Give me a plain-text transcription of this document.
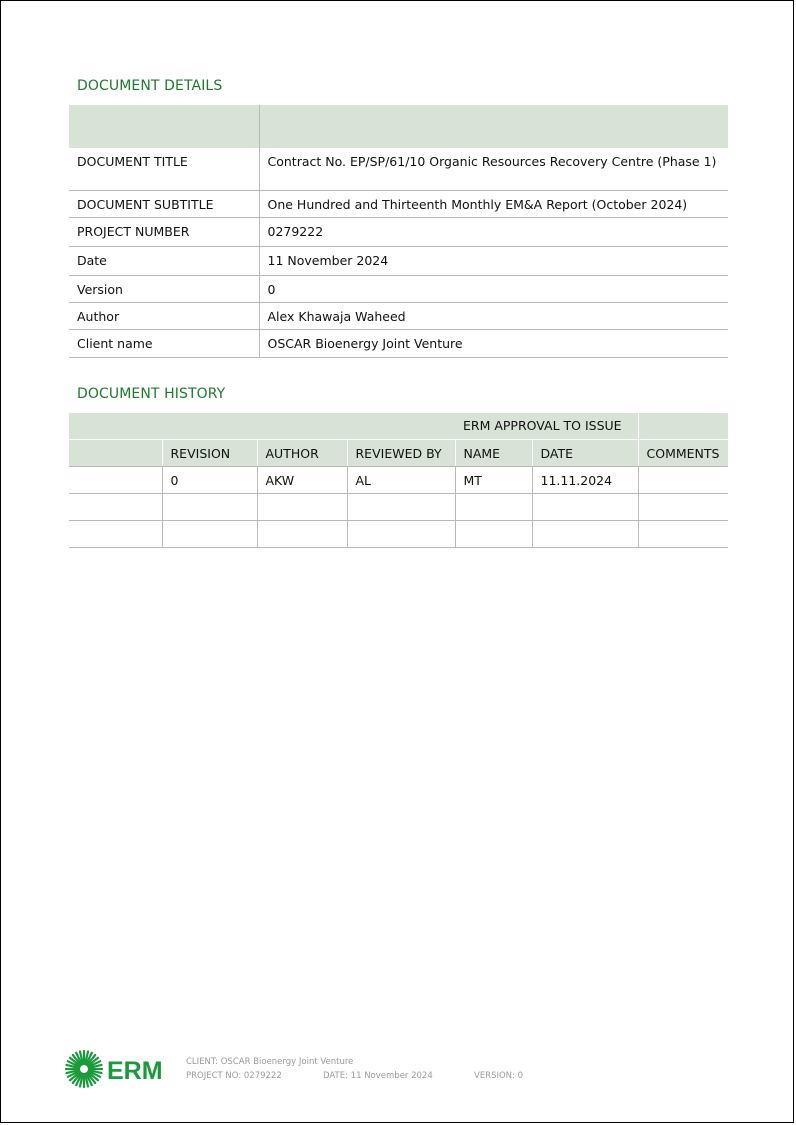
DOCUMENT DETAILS

DOCUMENT TITLE	Contract No. EP/SP/61/10 Organic Resources Recovery Centre (Phase 1)
DOCUMENT SUBTITLE	One Hundred and Thirteenth Monthly EM&A Report (October 2024)
PROJECT NUMBER	0279222
Date	11 November 2024
Version	0
Author	Alex Khawaja Waheed
Client name	OSCAR Bioenergy Joint Venture
DOCUMENT HISTORY
				ERM APPROVAL TO ISSUE		
	REVISION	AUTHOR	REVIEWED BY	NAME	DATE	COMMENTS
	0	AKW	AL	MT	11.11.2024	

ERM	CLIENT: OSCAR Bioenergy Joint Venture
PROJECT NO: 0279222	DATE: 11 November 2024	VERSION: 0
